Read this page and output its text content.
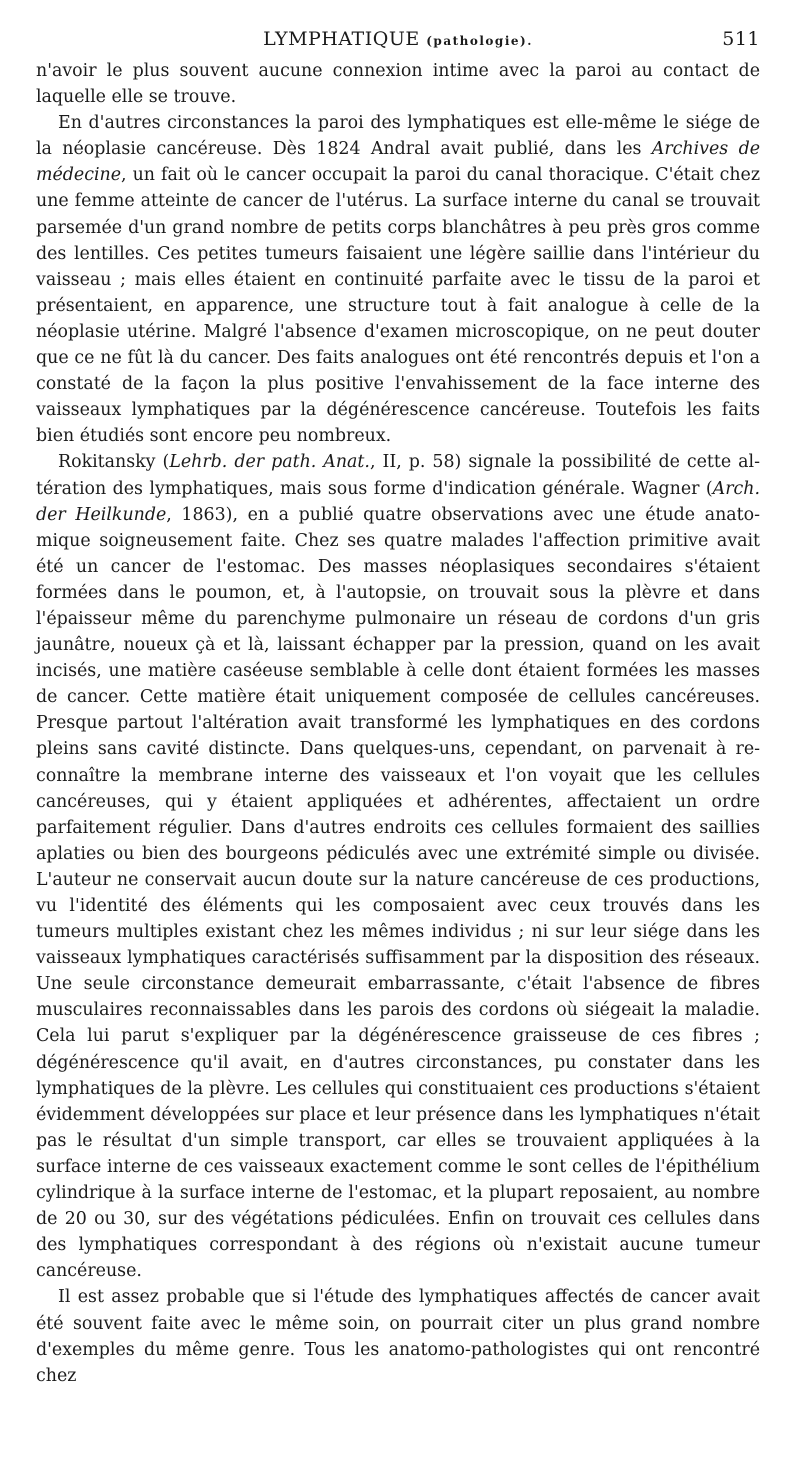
LYMPHATIQUE (pathologie).	511

n'avoir le plus souvent aucune connexion intime avec la paroi au contact de laquelle elle se trouve.

En d'autres circonstances la paroi des lymphatiques est elle-même le siége de la néoplasie cancéreuse. Dès 1824 Andral avait publié, dans les Archives de médecine, un fait où le cancer occupait la paroi du canal thoracique. C'était chez une femme atteinte de cancer de l'utérus. La surface interne du canal se trouvait parsemée d'un grand nombre de petits corps blanchâtres à peu près gros comme des lentilles. Ces petites tumeurs faisaient une légère saillie dans l'intérieur du vaisseau ; mais elles étaient en continuité parfaite avec le tissu de la paroi et présentaient, en apparence, une structure tout à fait analogue à celle de la néoplasie utérine. Malgré l'absence d'examen microscopique, on ne peut douter que ce ne fût là du cancer. Des faits analogues ont été rencontrés depuis et l'on a constaté de la façon la plus positive l'envahissement de la face interne des vaisseaux lymphatiques par la dégénérescence cancéreuse. Toutefois les faits bien étudiés sont encore peu nombreux.

Rokitansky (Lehrb. der path. Anat., II, p. 58) signale la possibilité de cette altération des lymphatiques, mais sous forme d'indication générale. Wagner (Arch. der Heilkunde, 1863), en a publié quatre observations avec une étude anatomique soigneusement faite. Chez ses quatre malades l'affection primitive avait été un cancer de l'estomac. Des masses néoplasiques secondaires s'étaient formées dans le poumon, et, à l'autopsie, on trouvait sous la plèvre et dans l'épaisseur même du parenchyme pulmonaire un réseau de cordons d'un gris jaunâtre, noueux çà et là, laissant échapper par la pression, quand on les avait incisés, une matière caséeuse semblable à celle dont étaient formées les masses de cancer. Cette matière était uniquement composée de cellules cancéreuses. Presque partout l'altération avait transformé les lymphatiques en des cordons pleins sans cavité distincte. Dans quelques-uns, cependant, on parvenait à reconnaître la membrane interne des vaisseaux et l'on voyait que les cellules cancéreuses, qui y étaient appliquées et adhérentes, affectaient un ordre parfaitement régulier. Dans d'autres endroits ces cellules formaient des saillies aplaties ou bien des bourgeons pédiculés avec une extrémité simple ou divisée. L'auteur ne conservait aucun doute sur la nature cancéreuse de ces productions, vu l'identité des éléments qui les composaient avec ceux trouvés dans les tumeurs multiples existant chez les mêmes individus ; ni sur leur siége dans les vaisseaux lymphatiques caractérisés suffisamment par la disposition des réseaux. Une seule circonstance demeurait embarrassante, c'était l'absence de fibres musculaires reconnaissables dans les parois des cordons où siégeait la maladie. Cela lui parut s'expliquer par la dégénérescence graisseuse de ces fibres ; dégénérescence qu'il avait, en d'autres circonstances, pu constater dans les lymphatiques de la plèvre. Les cellules qui constituaient ces productions s'étaient évidemment développées sur place et leur présence dans les lymphatiques n'était pas le résultat d'un simple transport, car elles se trouvaient appliquées à la surface interne de ces vaisseaux exactement comme le sont celles de l'épithélium cylindrique à la surface interne de l'estomac, et la plupart reposaient, au nombre de 20 ou 30, sur des végétations pédiculées. Enfin on trouvait ces cellules dans des lymphatiques correspondant à des régions où n'existait aucune tumeur cancéreuse.

Il est assez probable que si l'étude des lymphatiques affectés de cancer avait été souvent faite avec le même soin, on pourrait citer un plus grand nombre d'exemples du même genre. Tous les anatomo-pathologistes qui ont rencontré chez
